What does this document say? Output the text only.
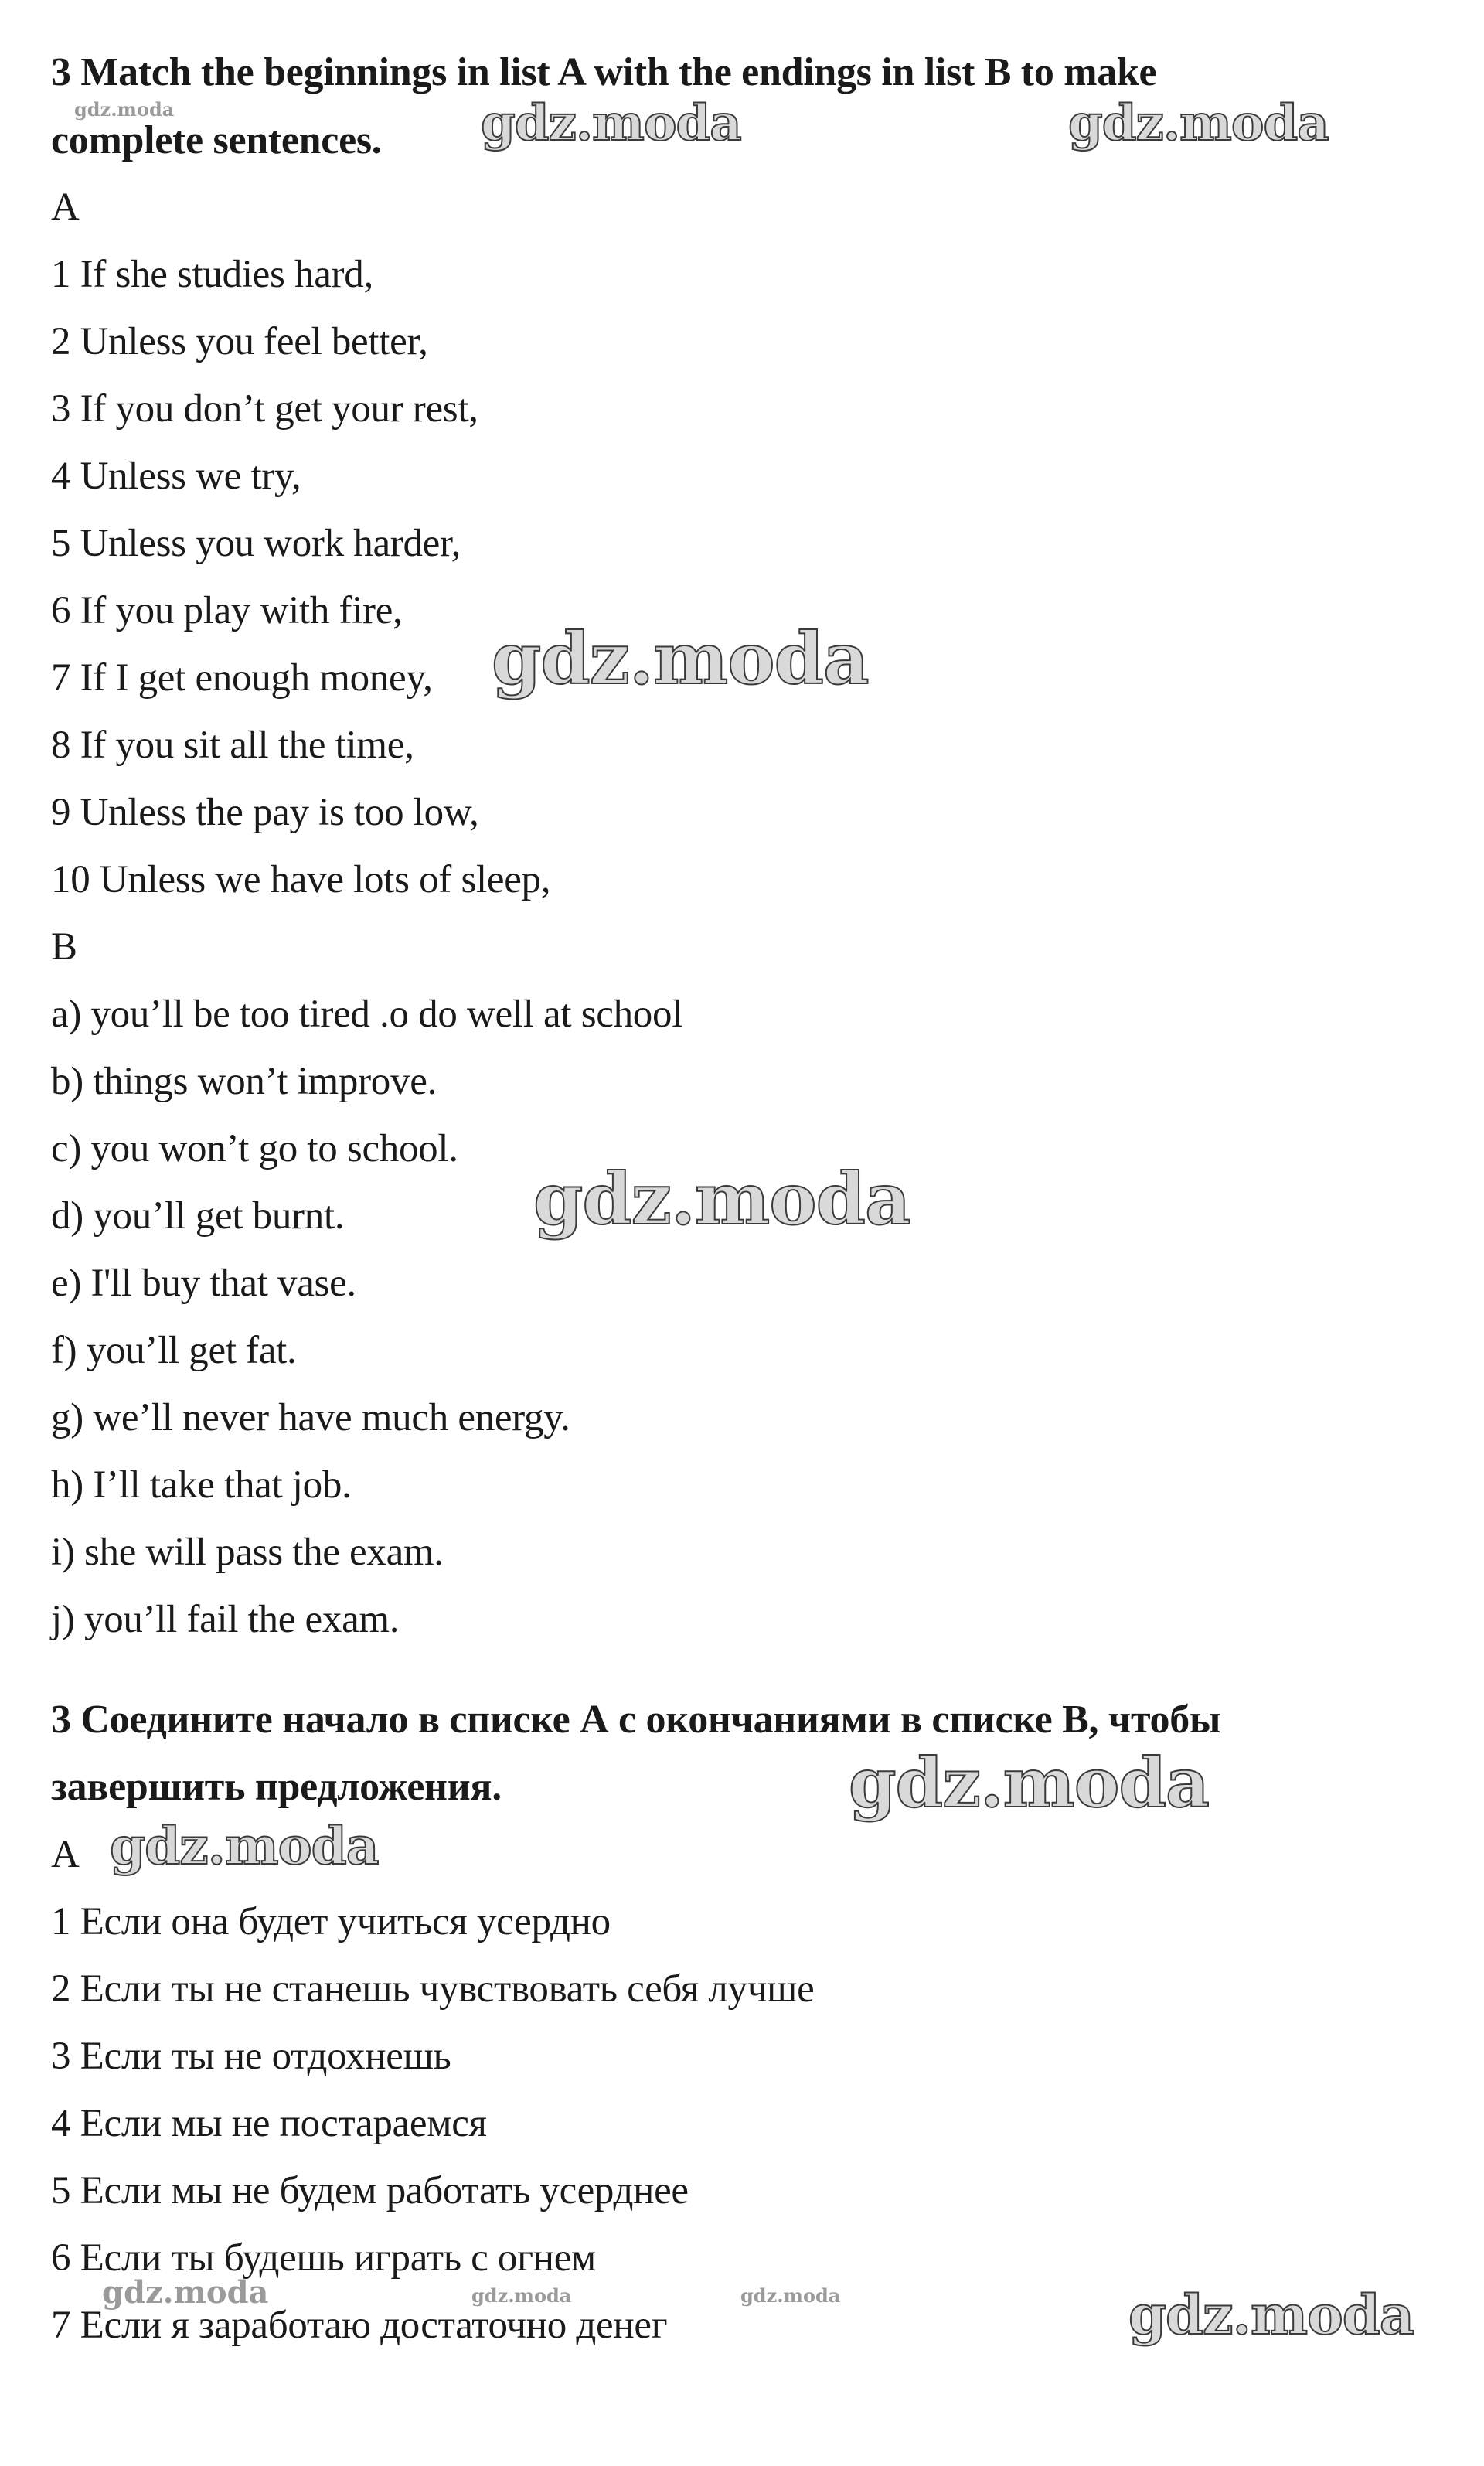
3 Match the beginnings in list A with the endings in list B to make
complete sentences.
A
1 If she studies hard,
2 Unless you feel better,
3 If you don’t get your rest,
4 Unless we try,
5 Unless you work harder,
6 If you play with fire,
7 If I get enough money,
8 If you sit all the time,
9 Unless the pay is too low,
10 Unless we have lots of sleep,
B
a) you’ll be too tired .o do well at school
b) things won’t improve.
c) you won’t go to school.
d) you’ll get burnt.
e) I'll buy that vase.
f) you’ll get fat.
g) we’ll never have much energy.
h) I’ll take that job.
i) she will pass the exam.
j) you’ll fail the exam.
3 Соедините начало в списке А с окончаниями в списке В, чтобы
завершить предложения.
А
1 Если она будет учиться усердно
2 Если ты не станешь чувствовать себя лучше
3 Если ты не отдохнешь
4 Если мы не постараемся
5 Если мы не будем работать усерднее
6 Если ты будешь играть с огнем
7 Если я заработаю достаточно денег
gdz.moda	gdz.moda	gdz.moda
gdz.moda
gdz.moda
gdz.moda
gdz.moda
gdz.moda	gdz.moda	gdz.moda	gdz.moda
